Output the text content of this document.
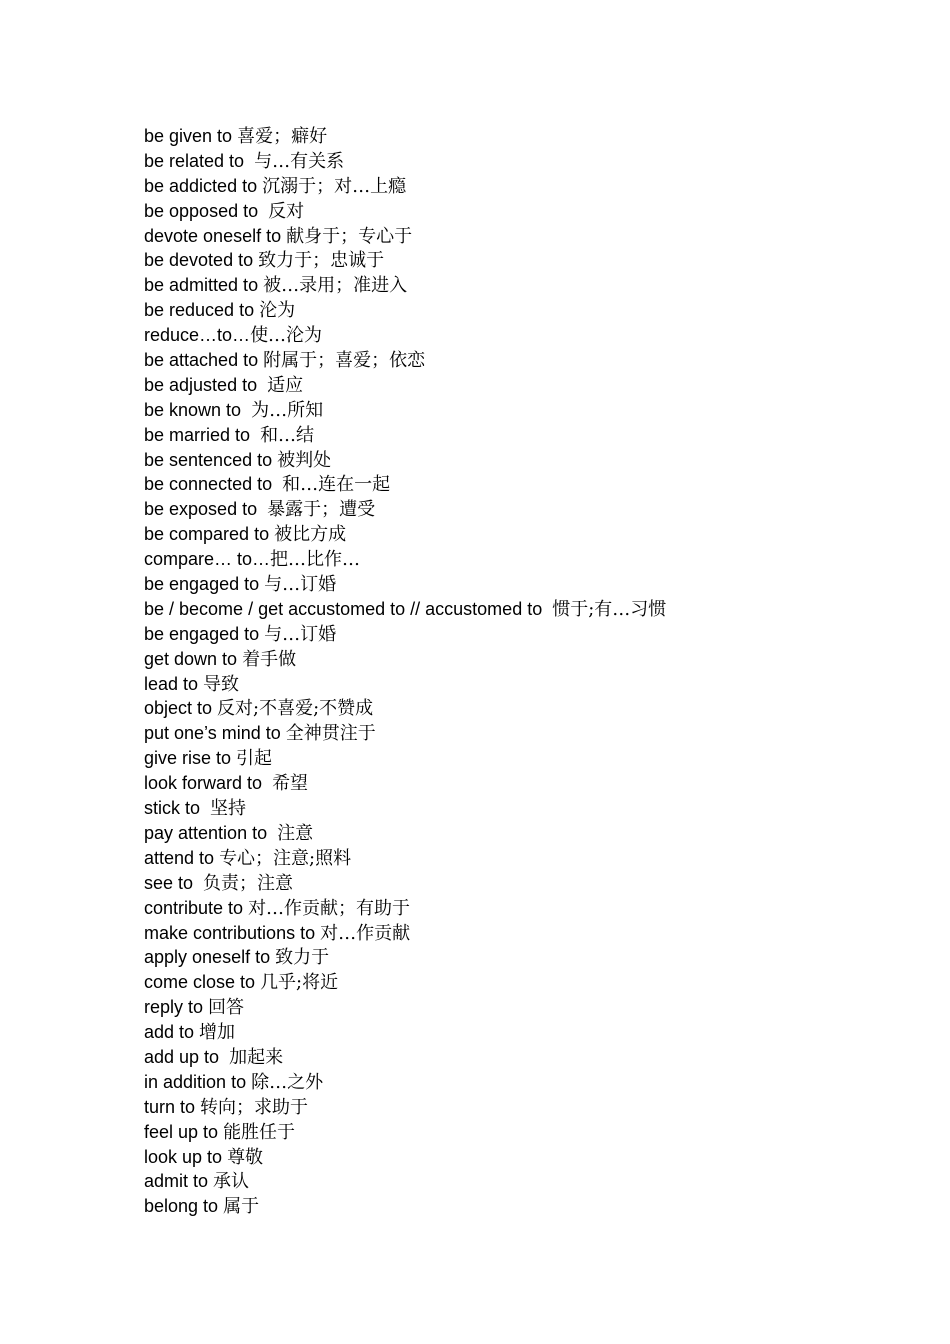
be given to 喜爱；癖好
be related to  与…有关系
be addicted to 沉溺于；对…上瘾
be opposed to  反对
devote oneself to 献身于；专心于
be devoted to 致力于；忠诚于
be admitted to 被…录用；准进入
be reduced to 沦为
reduce…to…使…沦为
be attached to 附属于；喜爱；依恋
be adjusted to  适应
be known to  为…所知
be married to  和…结
be sentenced to 被判处
be connected to  和…连在一起
be exposed to  暴露于；遭受
be compared to 被比方成
compare… to…把…比作…
be engaged to 与…订婚
be / become / get accustomed to // accustomed to  惯于;有…习惯
be engaged to 与…订婚
get down to 着手做
lead to 导致
object to 反对;不喜爱;不赞成
put one’s mind to 全神贯注于
give rise to 引起
look forward to  希望
stick to  坚持
pay attention to  注意
attend to 专心；注意;照料
see to  负责；注意
contribute to 对…作贡献；有助于
make contributions to 对…作贡献
apply oneself to 致力于
come close to 几乎;将近
reply to 回答
add to 增加
add up to  加起来
in addition to 除…之外
turn to 转向；求助于
feel up to 能胜任于
look up to 尊敬
admit to 承认
belong to 属于
